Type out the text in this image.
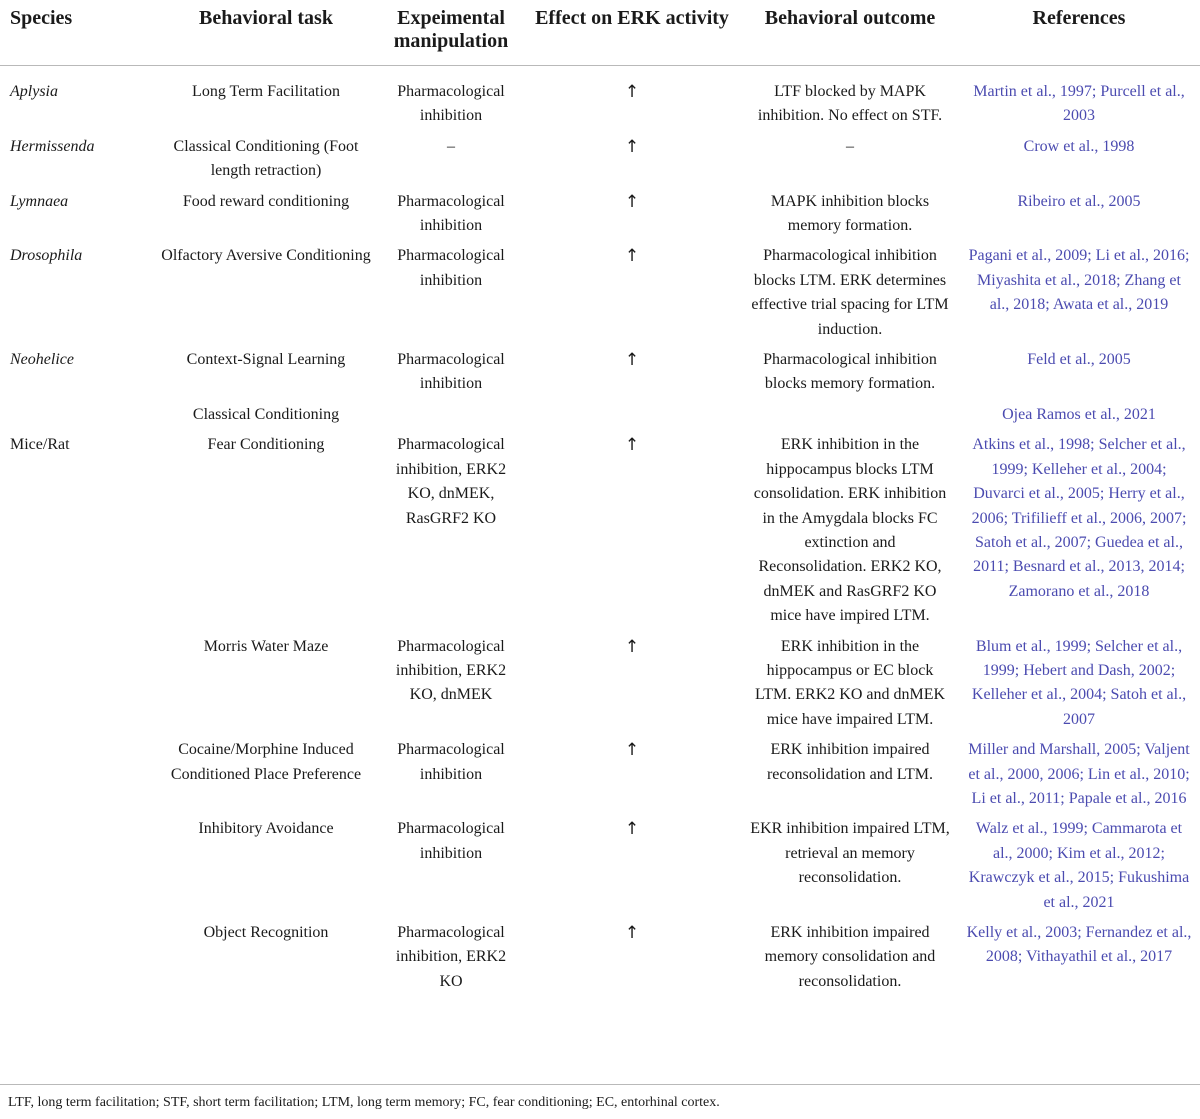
Species	Behavioral task	Expeimental manipulation	Effect on ERK activity	Behavioral outcome	References
Aplysia	Long Term Facilitation	Pharmacological inhibition	↑	LTF blocked by MAPK inhibition. No effect on STF.	Martin et al., 1997; Purcell et al., 2003
Hermissenda	Classical Conditioning (Foot length retraction)	–	↑	–	Crow et al., 1998
Lymnaea	Food reward conditioning	Pharmacological inhibition	↑	MAPK inhibition blocks memory formation.	Ribeiro et al., 2005
Drosophila	Olfactory Aversive Conditioning	Pharmacological inhibition	↑	Pharmacological inhibition blocks LTM. ERK determines effective trial spacing for LTM induction.	Pagani et al., 2009; Li et al., 2016; Miyashita et al., 2018; Zhang et al., 2018; Awata et al., 2019
Neohelice	Context-Signal Learning	Pharmacological inhibition	↑	Pharmacological inhibition blocks memory formation.	Feld et al., 2005
	Classical Conditioning				Ojea Ramos et al., 2021
Mice/Rat	Fear Conditioning	Pharmacological inhibition, ERK2 KO, dnMEK, RasGRF2 KO	↑	ERK inhibition in the hippocampus blocks LTM consolidation. ERK inhibition in the Amygdala blocks FC extinction and Reconsolidation. ERK2 KO, dnMEK and RasGRF2 KO mice have impired LTM.	Atkins et al., 1998; Selcher et al., 1999; Kelleher et al., 2004; Duvarci et al., 2005; Herry et al., 2006; Trifilieff et al., 2006, 2007; Satoh et al., 2007; Guedea et al., 2011; Besnard et al., 2013, 2014; Zamorano et al., 2018
	Morris Water Maze	Pharmacological inhibition, ERK2 KO, dnMEK	↑	ERK inhibition in the hippocampus or EC block LTM. ERK2 KO and dnMEK mice have impaired LTM.	Blum et al., 1999; Selcher et al., 1999; Hebert and Dash, 2002; Kelleher et al., 2004; Satoh et al., 2007
	Cocaine/Morphine Induced Conditioned Place Preference	Pharmacological inhibition	↑	ERK inhibition impaired reconsolidation and LTM.	Miller and Marshall, 2005; Valjent et al., 2000, 2006; Lin et al., 2010; Li et al., 2011; Papale et al., 2016
	Inhibitory Avoidance	Pharmacological inhibition	↑	EKR inhibition impaired LTM, retrieval an memory reconsolidation.	Walz et al., 1999; Cammarota et al., 2000; Kim et al., 2012; Krawczyk et al., 2015; Fukushima et al., 2021
	Object Recognition	Pharmacological inhibition, ERK2 KO	↑	ERK inhibition impaired memory consolidation and reconsolidation.	Kelly et al., 2003; Fernandez et al., 2008; Vithayathil et al., 2017
LTF, long term facilitation; STF, short term facilitation; LTM, long term memory; FC, fear conditioning; EC, entorhinal cortex.
